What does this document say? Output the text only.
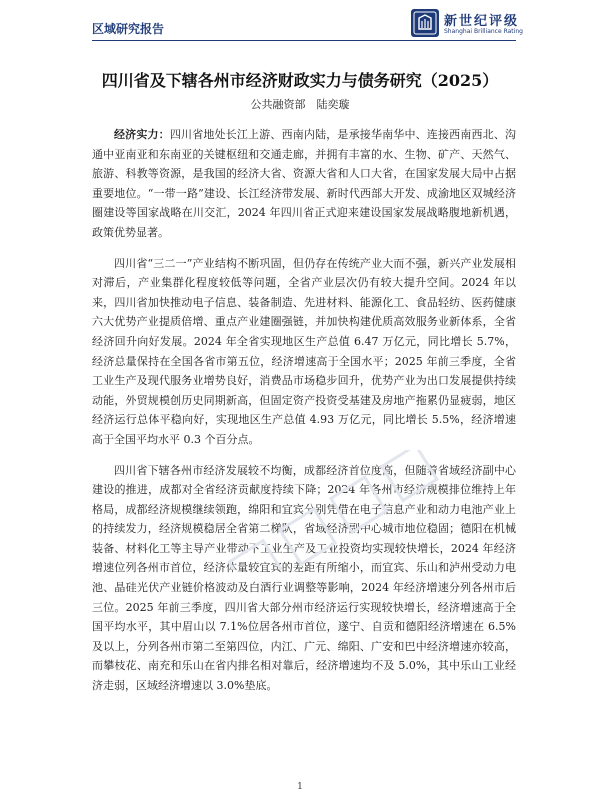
区域研究报告	新世纪评级
Shanghai Brilliance Rating
四川省及下辖各州市经济财政实力与债务研究（2025）
公共融资部　陆奕璇

经济实力：四川省地处长江上游、西南内陆，是承接华南华中、连接西南西北、沟通中亚南亚和东南亚的关键枢纽和交通走廊，并拥有丰富的水、生物、矿产、天然气、旅游、科教等资源，是我国的经济大省、资源大省和人口大省，在国家发展大局中占据重要地位。“一带一路”建设、长江经济带发展、新时代西部大开发、成渝地区双城经济圈建设等国家战略在川交汇，2024 年四川省正式迎来建设国家发展战略腹地新机遇，政策优势显著。

四川省“三二一”产业结构不断巩固，但仍存在传统产业大而不强，新兴产业发展相对滞后，产业集群化程度较低等问题，全省产业层次仍有较大提升空间。2024 年以来，四川省加快推动电子信息、装备制造、先进材料、能源化工、食品轻纺、医药健康六大优势产业提质倍增、重点产业建圈强链，并加快构建优质高效服务业新体系，全省经济回升向好发展。2024 年全省实现地区生产总值 6.47 万亿元，同比增长 5.7%，经济总量保持在全国各省市第五位，经济增速高于全国水平；2025 年前三季度，全省工业生产及现代服务业增势良好，消费品市场稳步回升，优势产业为出口发展提供持续动能，外贸规模创历史同期新高，但固定资产投资受基建及房地产拖累仍显疲弱，地区经济运行总体平稳向好，实现地区生产总值 4.93 万亿元，同比增长 5.5%，经济增速高于全国平均水平 0.3 个百分点。

四川省下辖各州市经济发展较不均衡，成都经济首位度高，但随着省域经济副中心建设的推进，成都对全省经济贡献度持续下降；2024 年各州市经济规模排位维持上年格局，成都经济规模继续领跑，绵阳和宜宾分别凭借在电子信息产业和动力电池产业上的持续发力，经济规模稳居全省第二梯队，省域经济副中心城市地位稳固；德阳在机械装备、材料化工等主导产业带动下工业生产及工业投资均实现较快增长，2024 年经济增速位列各州市首位，经济体量较宜宾的差距有所缩小，而宜宾、乐山和泸州受动力电池、晶硅光伏产业链价格波动及白酒行业调整等影响，2024 年经济增速分列各州市后三位。2025 年前三季度，四川省大部分州市经济运行实现较快增长，经济增速高于全国平均水平，其中眉山以 7.1%位居各州市首位，遂宁、自贡和德阳经济增速在 6.5%及以上，分列各州市第二至第四位，内江、广元、绵阳、广安和巴中经济增速亦较高，而攀枝花、南充和乐山在省内排名相对靠后，经济增速均不及 5.0%，其中乐山工业经济走弱，区域经济增速以 3.0%垫底。

1
